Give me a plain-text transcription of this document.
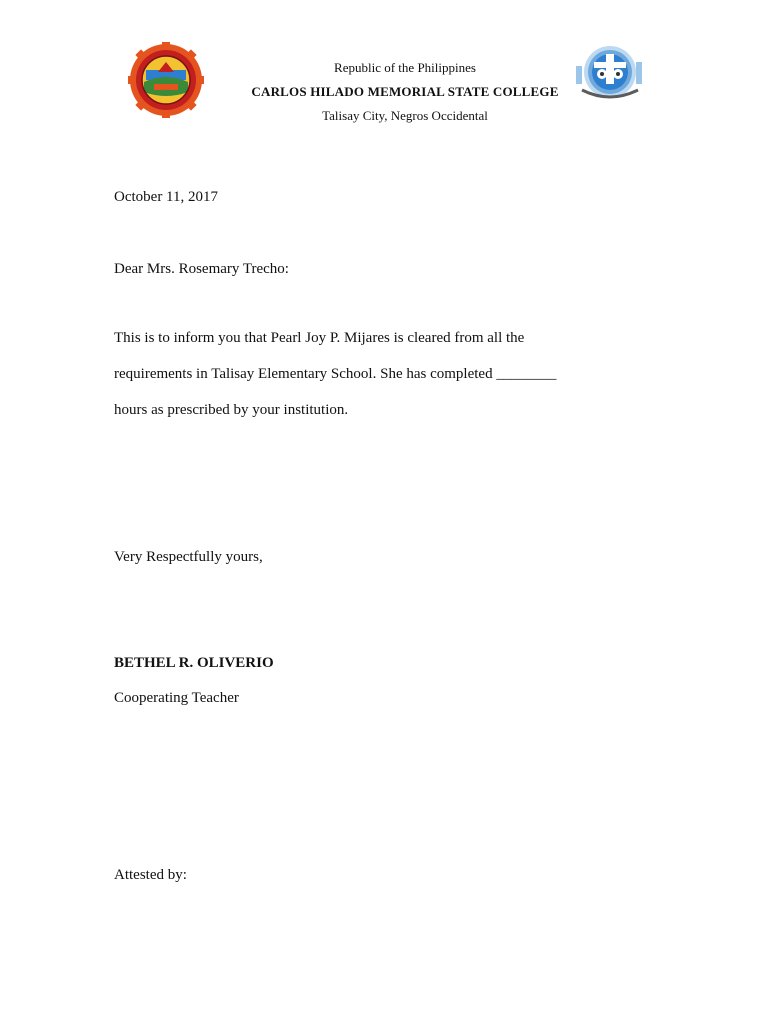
Republic of the Philippines
CARLOS HILADO MEMORIAL STATE COLLEGE
Talisay City, Negros Occidental
October 11, 2017
Dear Mrs. Rosemary Trecho:
This is to inform you that Pearl Joy P. Mijares is cleared from all the
requirements in Talisay Elementary School. She has completed ________
hours as prescribed by your institution.
Very Respectfully yours,
BETHEL R. OLIVERIO
Cooperating Teacher
Attested by:
